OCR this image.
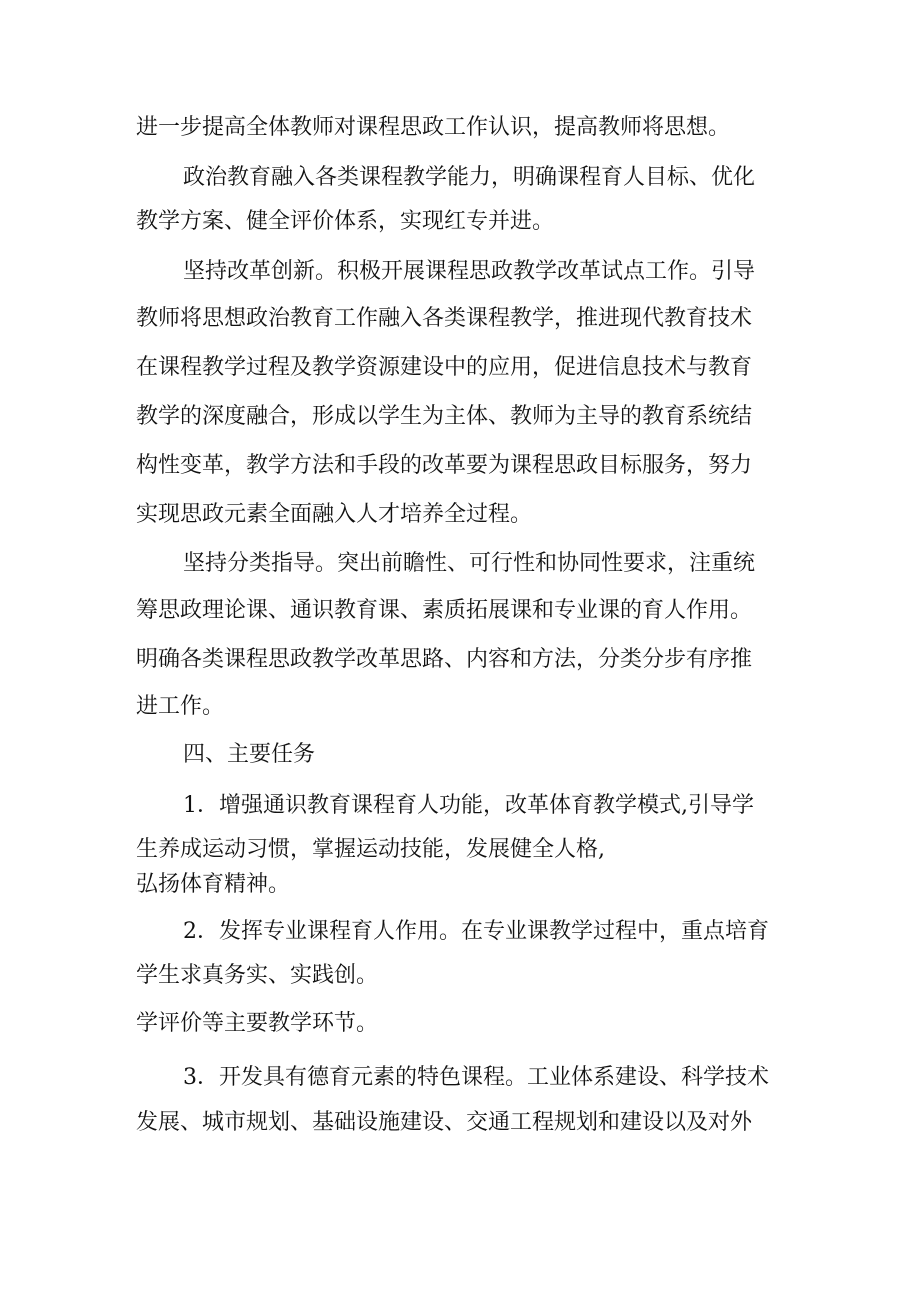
进一步提高全体教师对课程思政工作认识，提高教师将思想。

政治教育融入各类课程教学能力，明确课程育人目标、优化

教学方案、健全评价体系，实现红专并进。

坚持改革创新。积极开展课程思政教学改革试点工作。引导

教师将思想政治教育工作融入各类课程教学，推进现代教育技术

在课程教学过程及教学资源建设中的应用，促进信息技术与教育

教学的深度融合，形成以学生为主体、教师为主导的教育系统结

构性变革，教学方法和手段的改革要为课程思政目标服务，努力

实现思政元素全面融入人才培养全过程。

坚持分类指导。突出前瞻性、可行性和协同性要求，注重统

筹思政理论课、通识教育课、素质拓展课和专业课的育人作用。

明确各类课程思政教学改革思路、内容和方法，分类分步有序推

进工作。

四、主要任务

1．增强通识教育课程育人功能，改革体育教学模式,引导学

生养成运动习惯，掌握运动技能，发展健全人格,

弘扬体育精神。

2．发挥专业课程育人作用。在专业课教学过程中，重点培育

学生求真务实、实践创。

学评价等主要教学环节。

3．开发具有德育元素的特色课程。工业体系建设、科学技术

发展、城市规划、基础设施建设、交通工程规划和建设以及对外
